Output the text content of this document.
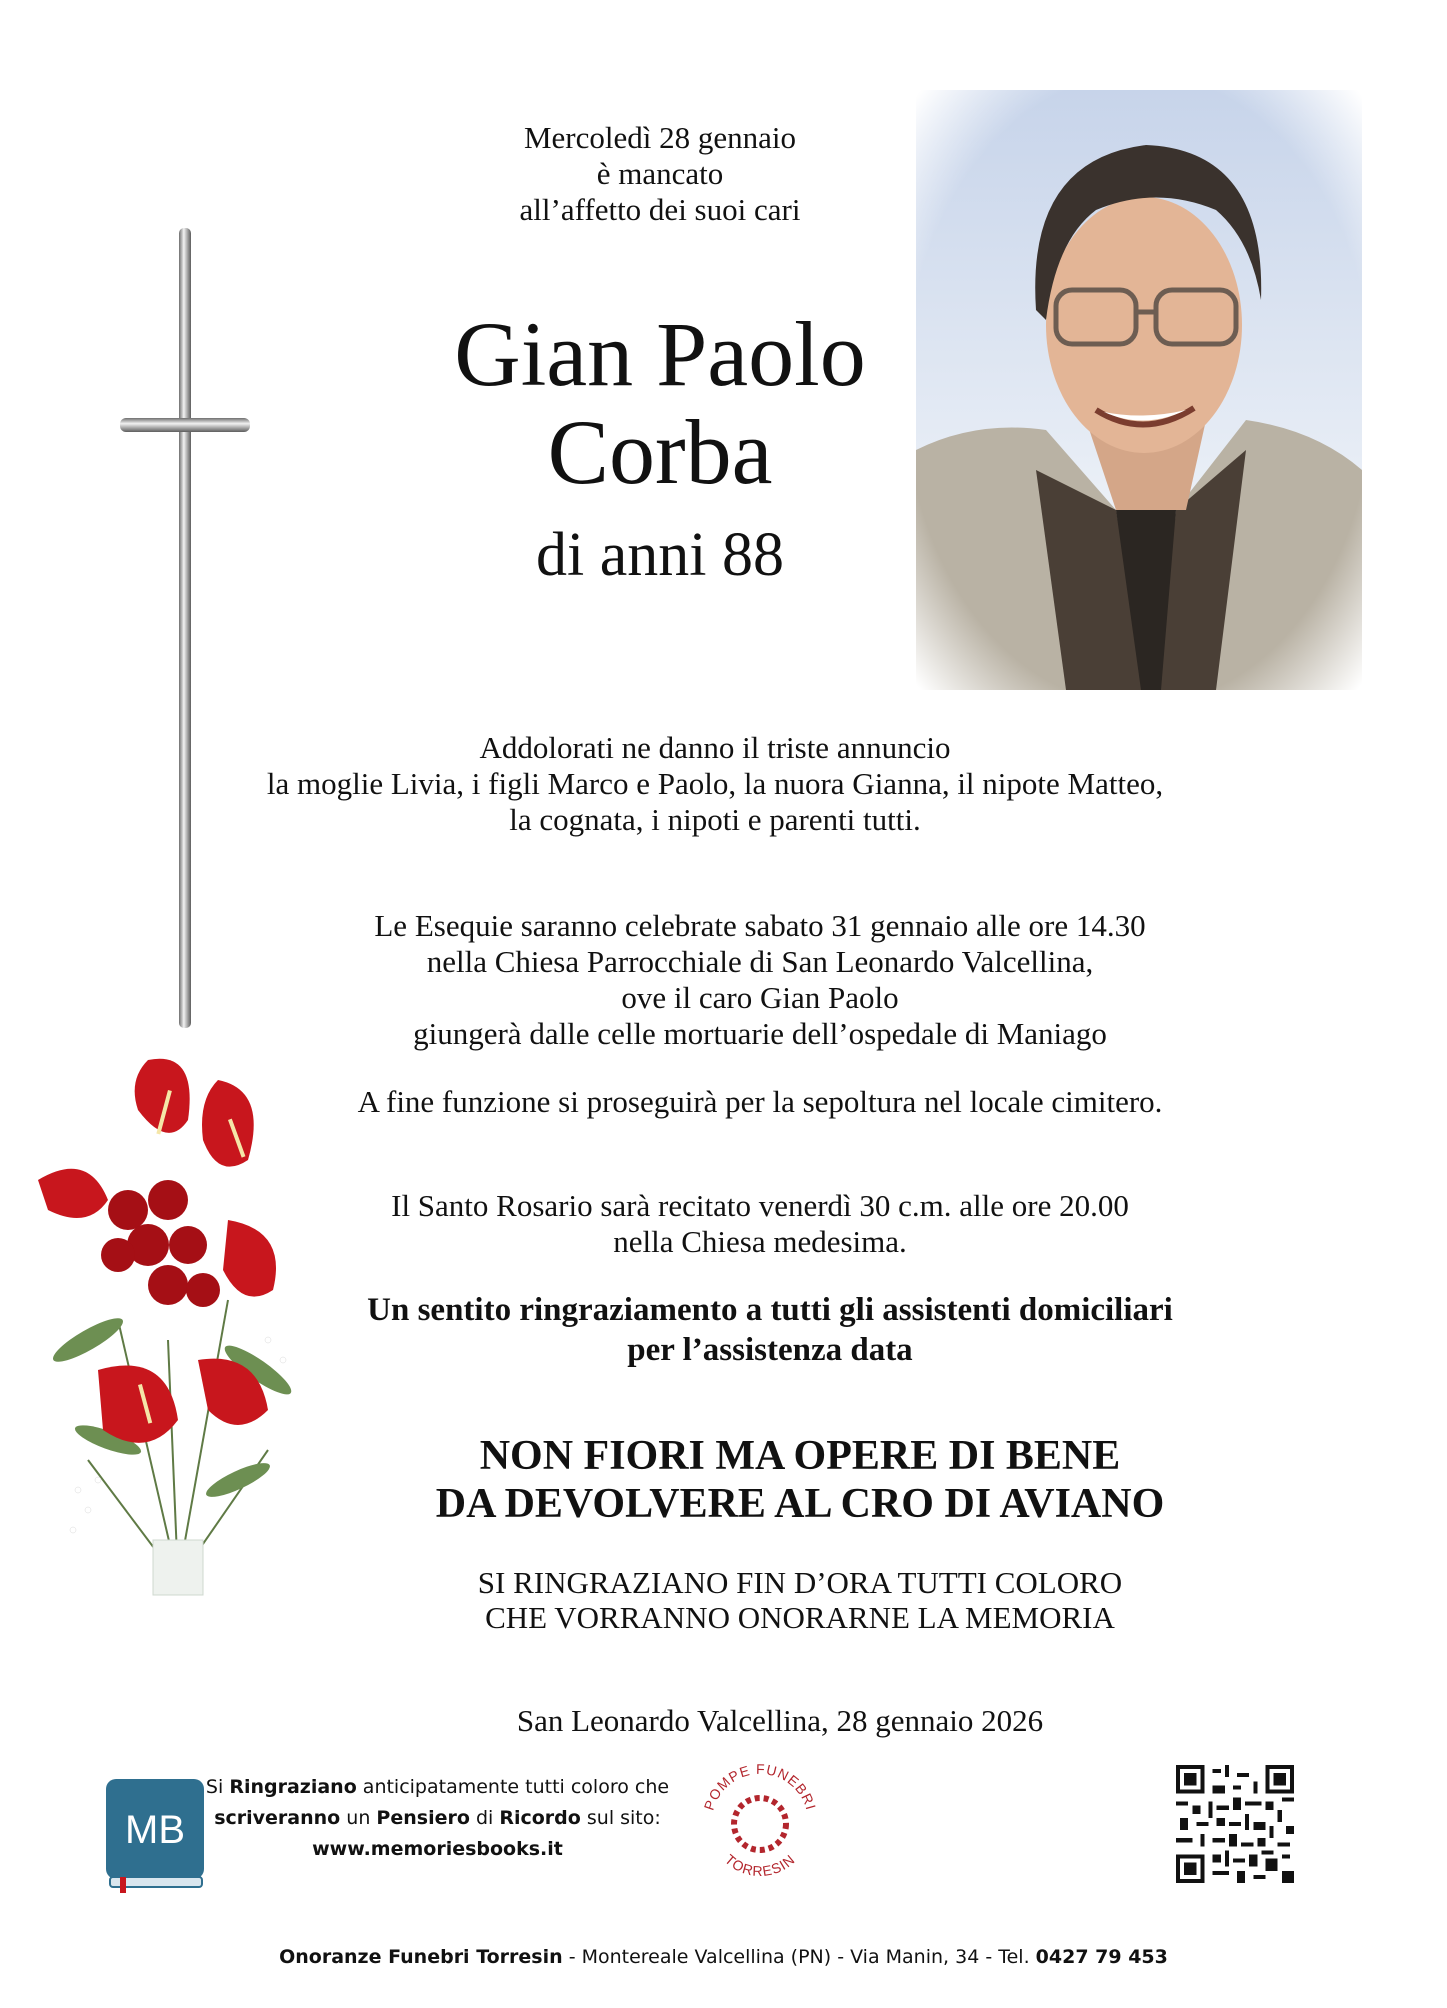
Mercoledì 28 gennaio
è mancato
all’affetto dei suoi cari
Gian Paolo
Corba
di anni 88
Addolorati ne danno il triste annuncio
la moglie Livia, i figli Marco e Paolo, la nuora Gianna, il nipote Matteo,
la cognata, i nipoti e parenti tutti.
Le Esequie saranno celebrate sabato 31 gennaio alle ore 14.30
nella Chiesa Parrocchiale di San Leonardo Valcellina,
ove il caro Gian Paolo
giungerà dalle celle mortuarie dell’ospedale di Maniago
A fine funzione si proseguirà per la sepoltura nel locale cimitero.
Il Santo Rosario sarà recitato venerdì 30 c.m. alle ore 20.00
nella Chiesa medesima.
Un sentito ringraziamento a tutti gli assistenti domiciliari
per l’assistenza data
NON FIORI MA OPERE DI BENE
DA DEVOLVERE AL CRO DI AVIANO
SI RINGRAZIANO FIN D’ORA TUTTI COLORO
CHE VORRANNO ONORARNE LA MEMORIA
San Leonardo Valcellina, 28 gennaio 2026
MB
Si Ringraziano anticipatamente tutti coloro che
scriveranno un Pensiero di Ricordo sul sito:
www.memoriesbooks.it
POMPE FUNEBRI
TORRESIN
Onoranze Funebri Torresin - Montereale Valcellina (PN) - Via Manin, 34 - Tel. 0427 79 453
